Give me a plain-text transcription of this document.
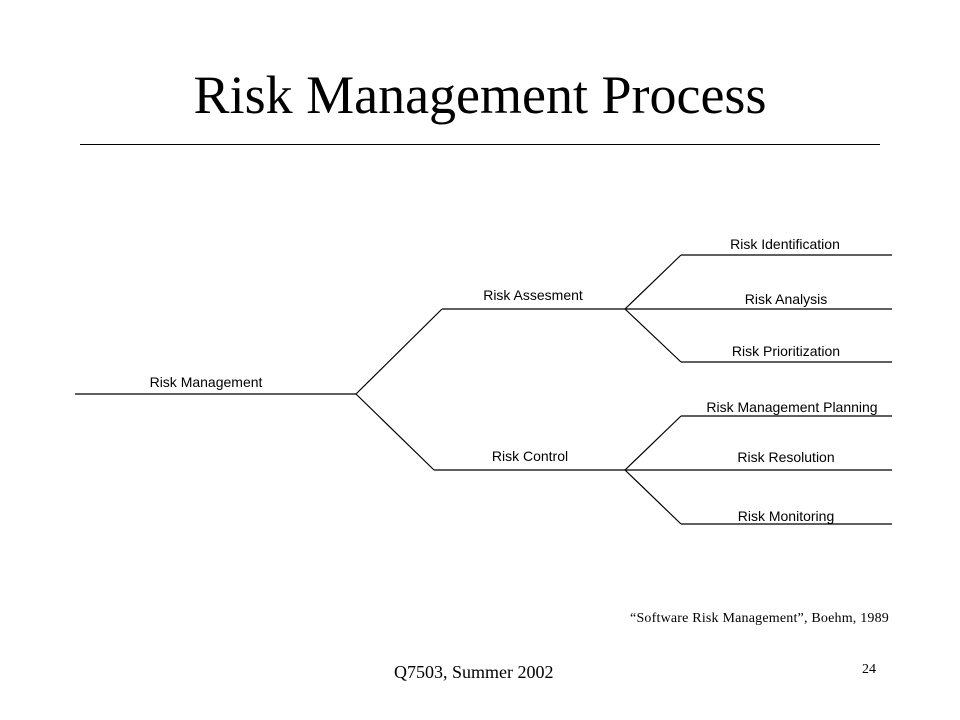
Risk Management Process
Risk Management
Risk Assesment
Risk Control
Risk Identification
Risk Analysis
Risk Prioritization
Risk Management Planning
Risk Resolution
Risk Monitoring
“Software Risk Management”, Boehm, 1989
Q7503, Summer 2002	24
